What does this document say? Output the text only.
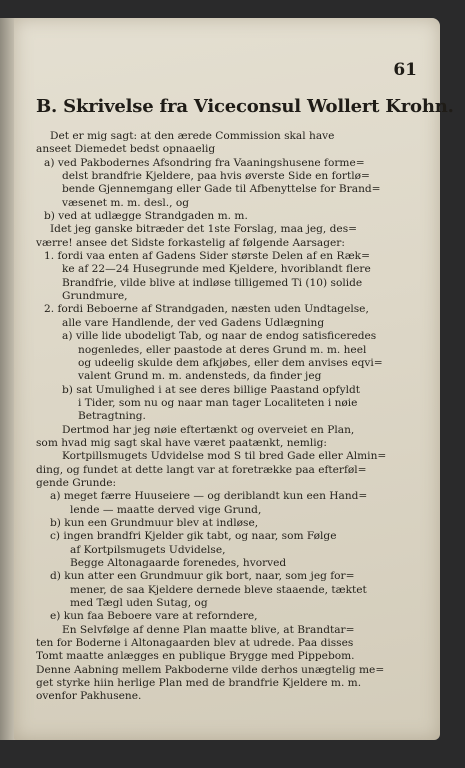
61
B. Skrivelse fra Viceconsul Wollert Krohn.
Det er mig sagt: at den ærede Commission skal have
anseet Diemedet bedst opnaaelig
a) ved Pakbodernes Afsondring fra Vaaningshusene forme=
delst brandfrie Kjeldere, paa hvis øverste Side en fortlø=
bende Gjennemgang eller Gade til Afbenyttelse for Brand=
væsenet m. m. desl., og
b) ved at udlægge Strandgaden m. m.
Idet jeg ganske bitræder det 1ste Forslag, maa jeg, des=
værre! ansee det Sidste forkastelig af følgende Aarsager:
1. fordi vaa enten af Gadens Sider største Delen af en Ræk=
ke af 22—24 Husegrunde med Kjeldere, hvoriblandt flere
Brandfrie, vilde blive at indløse tilligemed Ti (10) solide
Grundmure,
2. fordi Beboerne af Strandgaden, næsten uden Undtagelse,
alle vare Handlende, der ved Gadens Udlægning
a) ville lide ubodeligt Tab, og naar de endog satisficeredes
nogenledes, eller paastode at deres Grund m. m. heel
og udeelig skulde dem afkjøbes, eller dem anvises eqvi=
valent Grund m. m. andensteds, da finder jeg
b) sat Umulighed i at see deres billige Paastand opfyldt
i Tider, som nu og naar man tager Localiteten i nøie
Betragtning.
Dertmod har jeg nøie eftertænkt og overveiet en Plan,
som hvad mig sagt skal have været paatænkt, nemlig:
Kortpillsmugets Udvidelse mod S til bred Gade eller Almin=
ding, og fundet at dette langt var at foretrække paa efterføl=
gende Grunde:
a) meget færre Huuseiere — og deriblandt kun een Hand=
lende — maatte derved vige Grund,
b) kun een Grundmuur blev at indløse,
c) ingen brandfri Kjelder gik tabt, og naar, som Følge
af Kortpilsmugets Udvidelse,
Begge Altonagaarde forenedes, hvorved
d) kun atter een Grundmuur gik bort, naar, som jeg for=
mener, de saa Kjeldere dernede bleve staaende, tæktet
med Tægl uden Sutag, og
e) kun faa Beboere vare at reforndere,
En Selvfølge af denne Plan maatte blive, at Brandtar=
ten for Boderne i Altonagaarden blev at udrede. Paa disses
Tomt maatte anlægges en publique Brygge med Pippebom.
Denne Aabning mellem Pakboderne vilde derhos unægtelig me=
get styrke hiin herlige Plan med de brandfrie Kjeldere m. m.
ovenfor Pakhusene.
